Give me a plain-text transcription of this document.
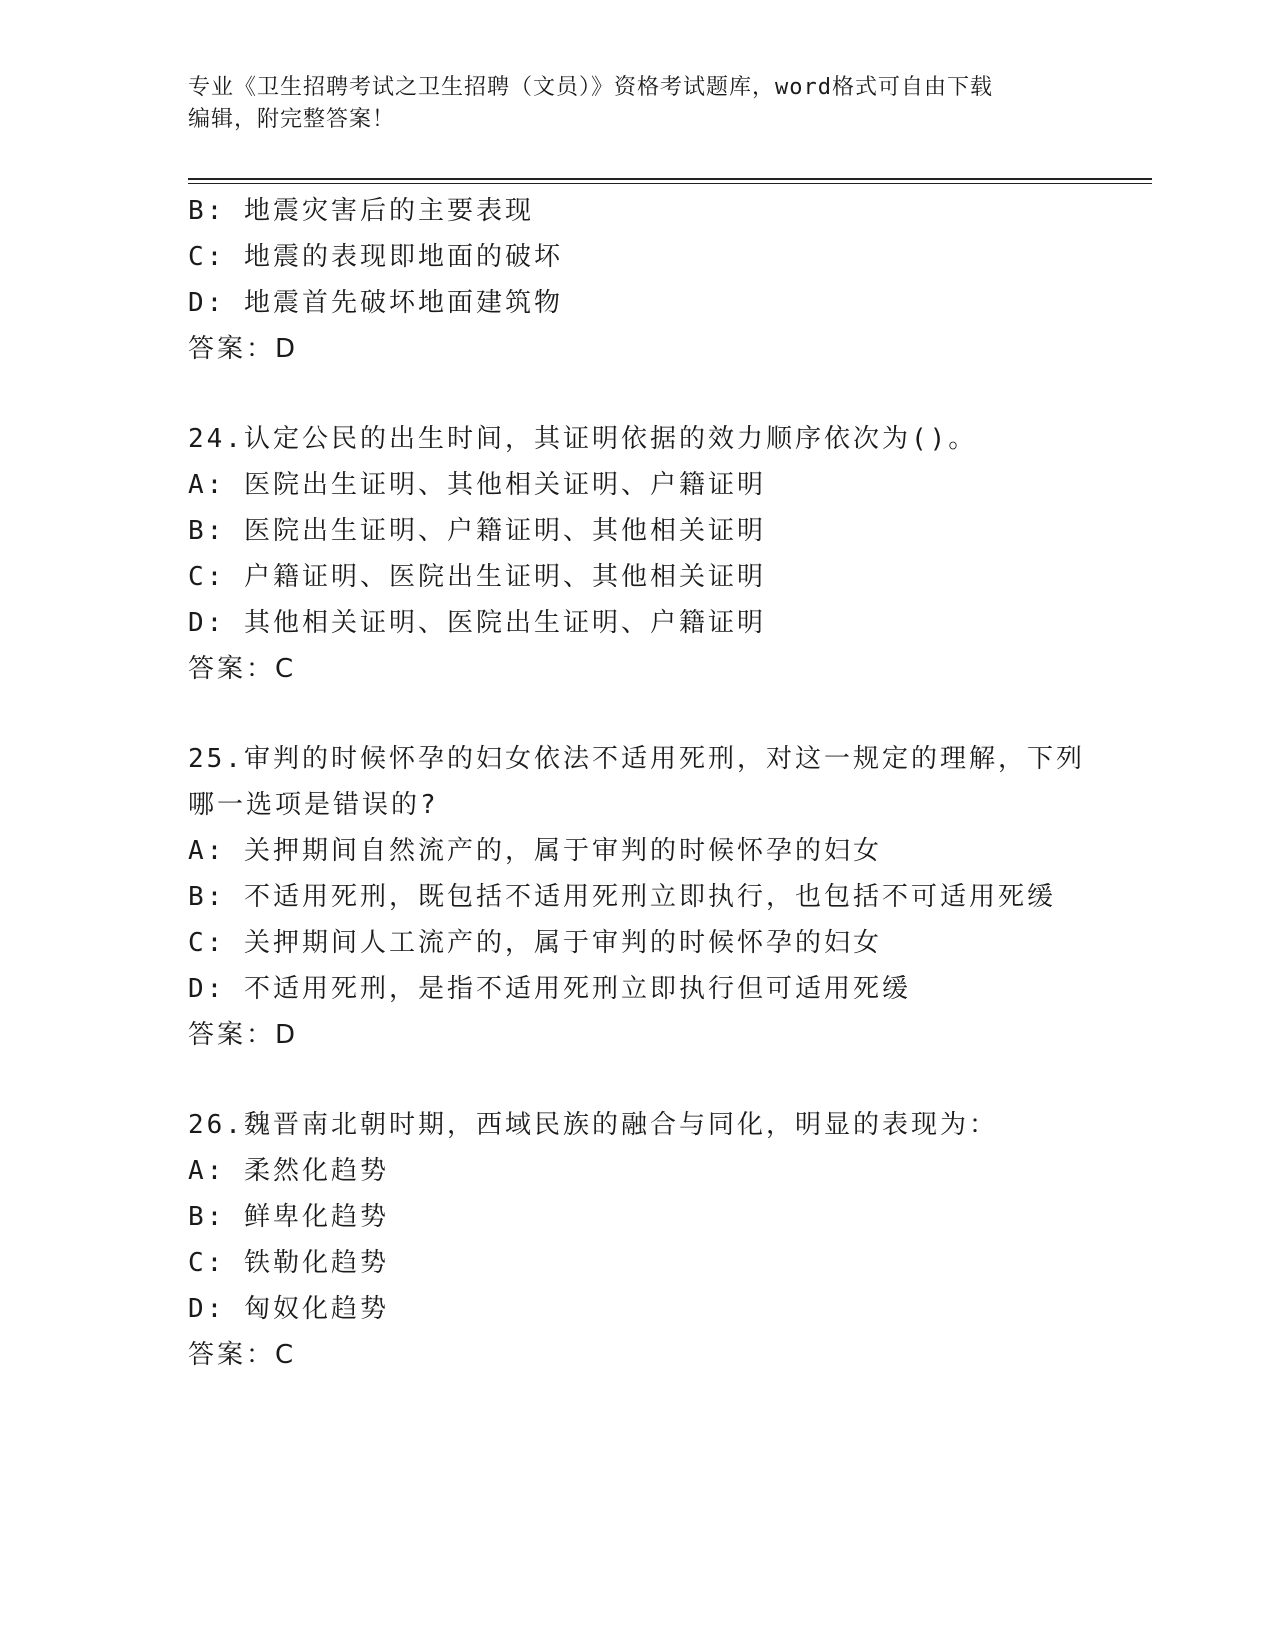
专业《卫生招聘考试之卫生招聘（文员）》资格考试题库，word格式可自由下载
编辑，附完整答案！
B: 地震灾害后的主要表现
C: 地震的表现即地面的破坏
D: 地震首先破坏地面建筑物
答案：D
24.认定公民的出生时间，其证明依据的效力顺序依次为()。
A: 医院出生证明、其他相关证明、户籍证明
B: 医院出生证明、户籍证明、其他相关证明
C: 户籍证明、医院出生证明、其他相关证明
D: 其他相关证明、医院出生证明、户籍证明
答案：C
25.审判的时候怀孕的妇女依法不适用死刑，对这一规定的理解，下列
哪一选项是错误的?
A: 关押期间自然流产的，属于审判的时候怀孕的妇女
B: 不适用死刑，既包括不适用死刑立即执行，也包括不可适用死缓
C: 关押期间人工流产的，属于审判的时候怀孕的妇女
D: 不适用死刑，是指不适用死刑立即执行但可适用死缓
答案：D
26.魏晋南北朝时期，西域民族的融合与同化，明显的表现为：
A: 柔然化趋势
B: 鲜卑化趋势
C: 铁勒化趋势
D: 匈奴化趋势
答案：C
